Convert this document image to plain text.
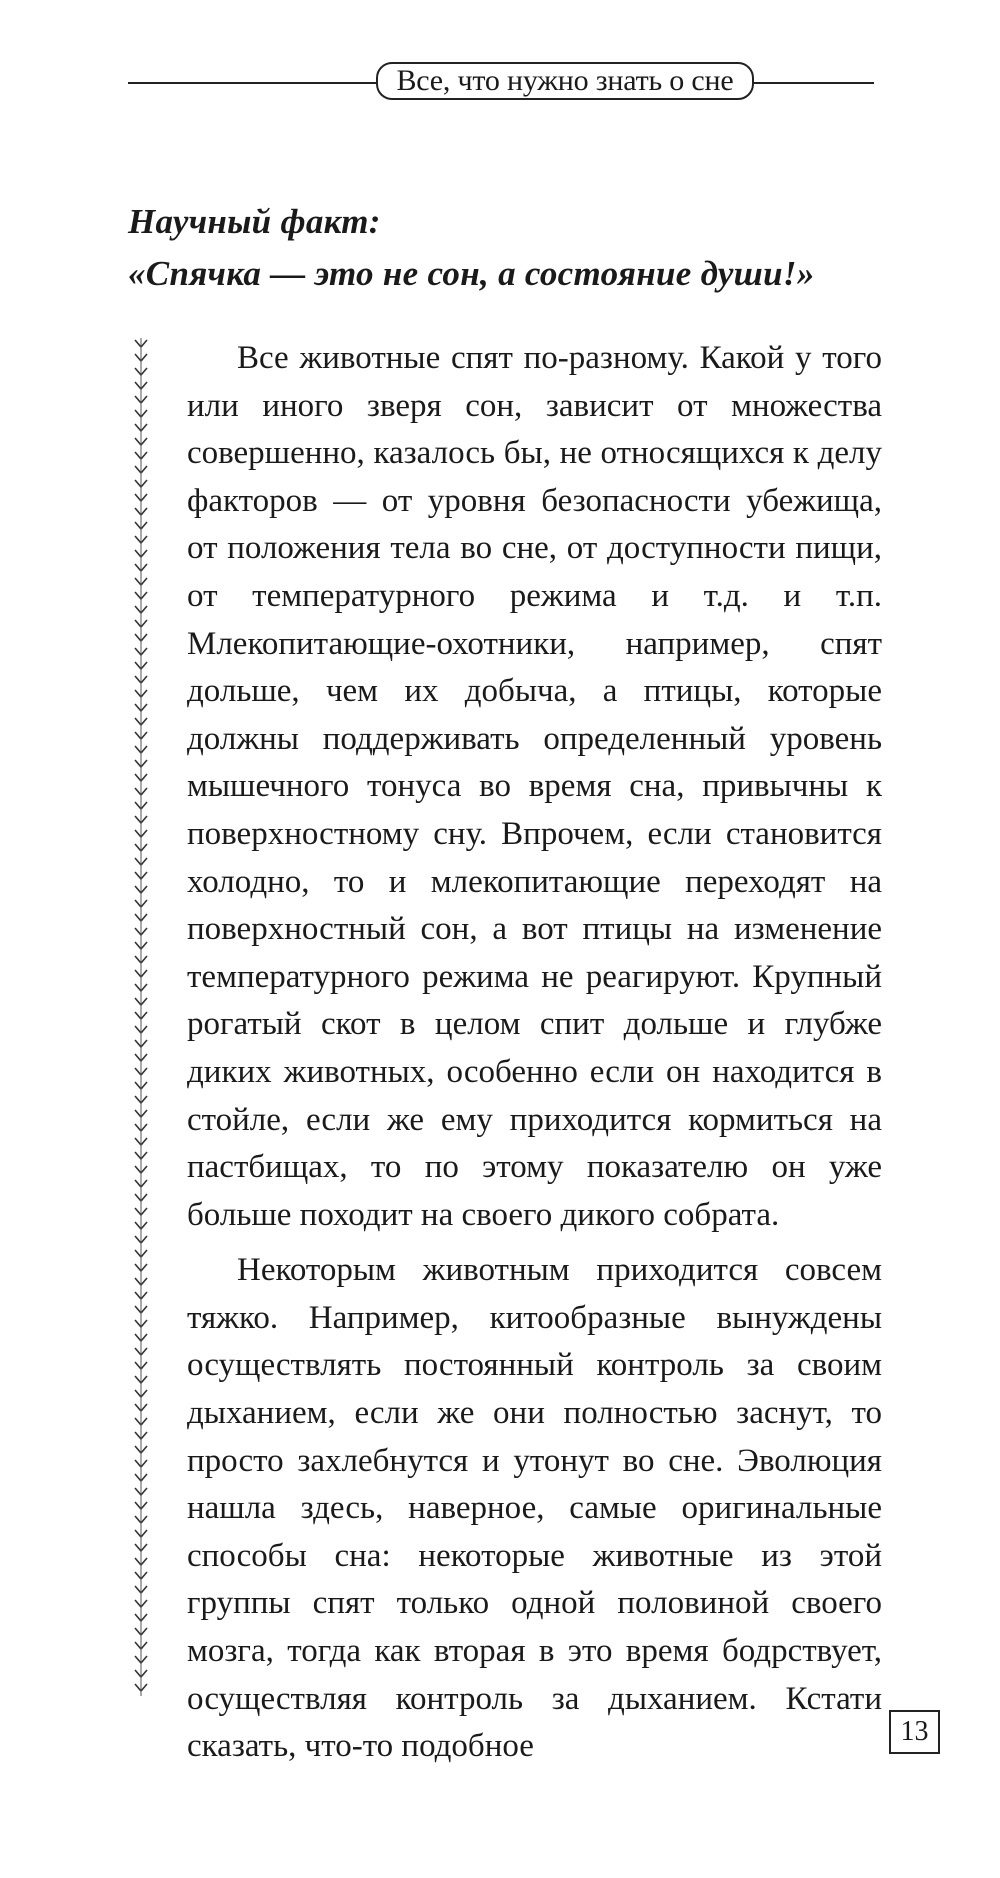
Все, что нужно знать о сне
Научный факт:
«Спячка — это не сон, а состояние души!»

Все животные спят по-разному. Какой у того или иного зверя сон, зависит от множества совершенно, казалось бы, не относящихся к делу факторов — от уровня безопасности убежища, от положения тела во сне, от доступности пищи, от температурного режима и т.д. и т.п. Млекопитающие-охотники, например, спят дольше, чем их добыча, а птицы, которые должны поддерживать определенный уровень мышечного тонуса во время сна, привычны к поверхностному сну. Впрочем, если становится холодно, то и млекопитающие переходят на поверхностный сон, а вот птицы на изменение температурного режима не реагируют. Крупный рогатый скот в целом спит дольше и глубже диких животных, особенно если он находится в стойле, если же ему приходится кормиться на пастбищах, то по этому показателю он уже больше походит на своего дикого собрата.

Некоторым животным приходится совсем тяжко. Например, китообразные вынуждены осуществлять постоянный контроль за своим дыханием, если же они полностью заснут, то просто захлебнутся и утонут во сне. Эволюция нашла здесь, наверное, самые оригинальные способы сна: некоторые животные из этой группы спят только одной половиной своего мозга, тогда как вторая в это время бодрствует, осуществляя контроль за дыханием. Кстати сказать, что-то подобное	13
